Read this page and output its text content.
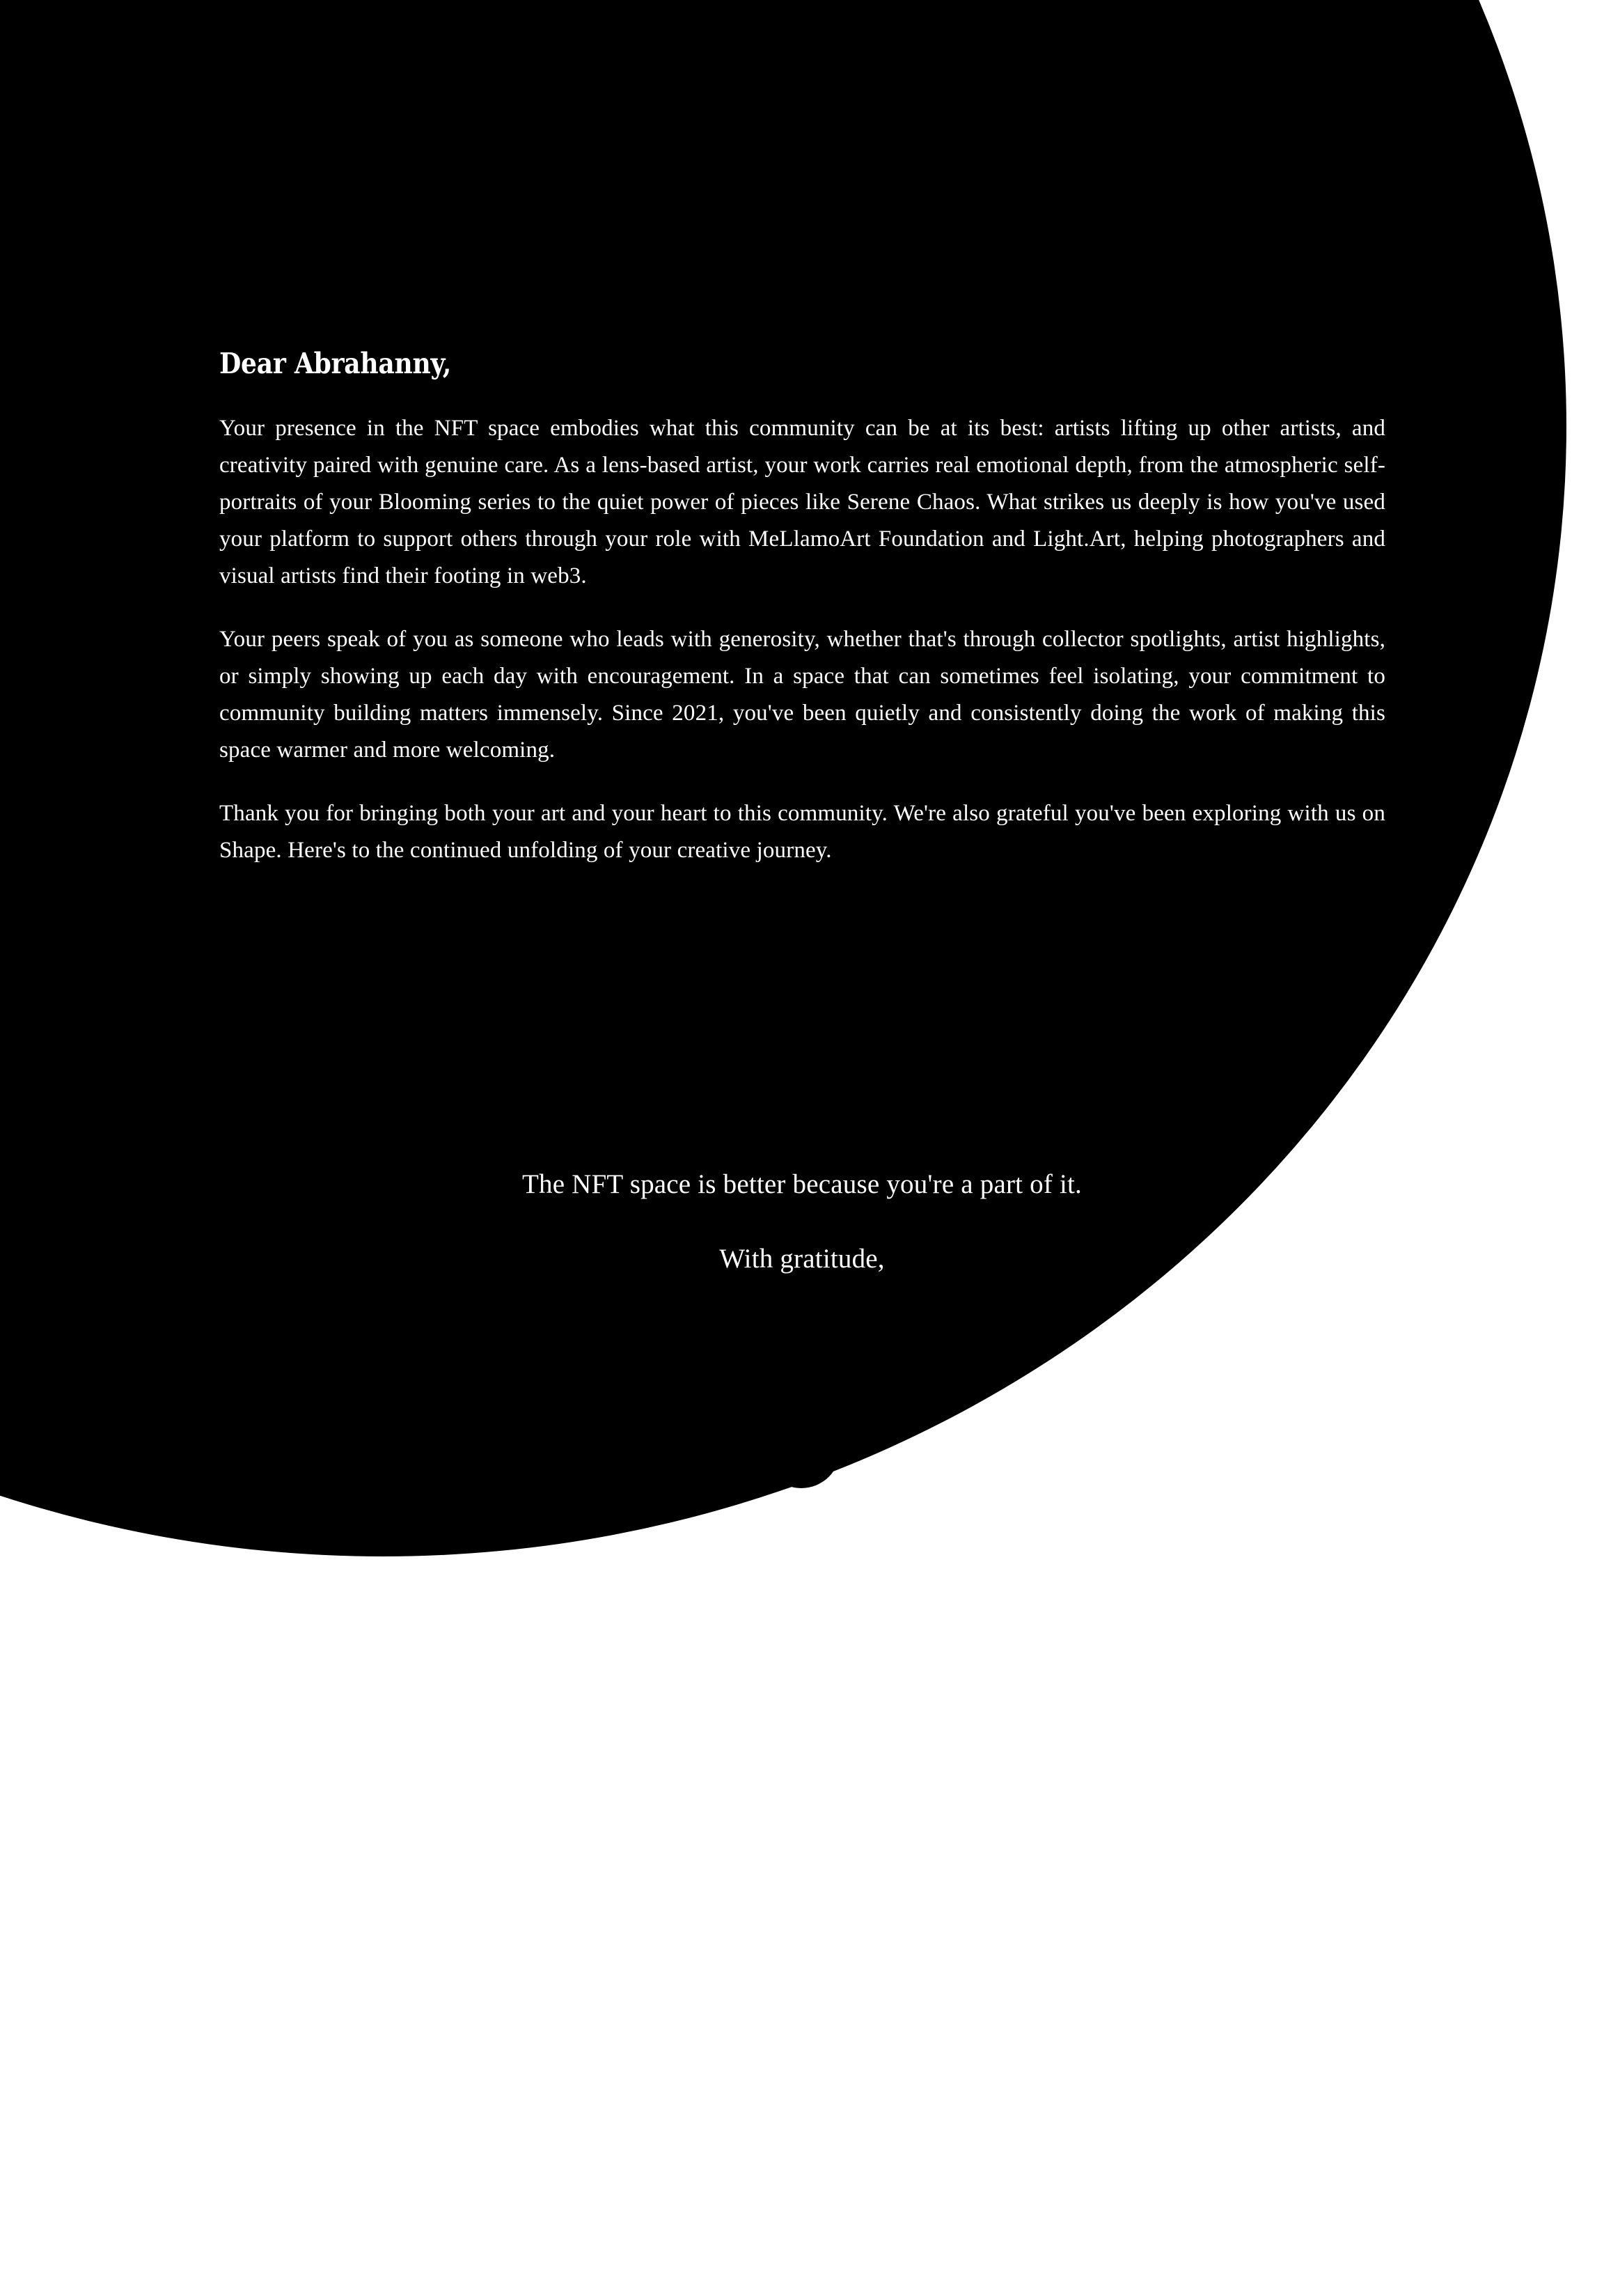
Dear Abrahanny,

Your presence in the NFT space embodies what this community can be at its best: artists lifting up other artists, and creativity paired with genuine care. As a lens-based artist, your work carries real emotional depth, from the atmospheric self-portraits of your Blooming series to the quiet power of pieces like Serene Chaos. What strikes us deeply is how you've used your platform to support others through your role with MeLlamoArt Foundation and Light.Art, helping photographers and visual artists find their footing in web3.

Your peers speak of you as someone who leads with generosity, whether that's through collector spotlights, artist highlights, or simply showing up each day with encouragement. In a space that can sometimes feel isolating, your commitment to community building matters immensely. Since 2021, you've been quietly and consistently doing the work of making this space warmer and more welcoming.

Thank you for bringing both your art and your heart to this community. We're also grateful you've been exploring with us on Shape. Here's to the continued unfolding of your creative journey.

The NFT space is better because you're a part of it.

With gratitude,
